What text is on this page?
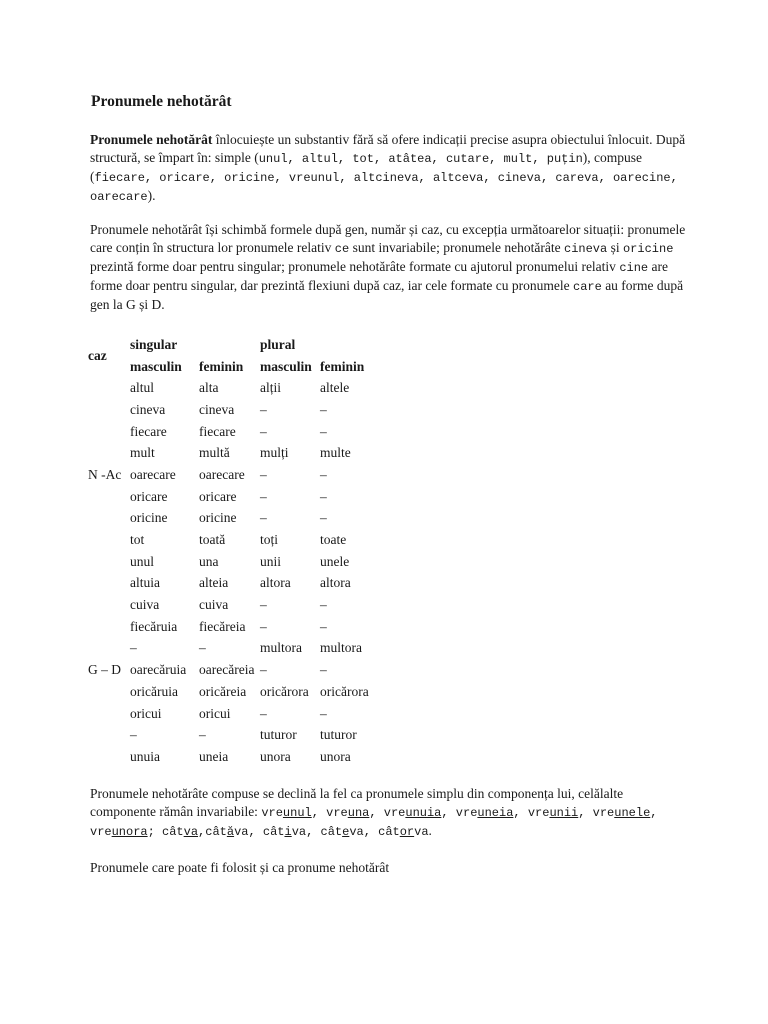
Pronumele nehotărât

Pronumele nehotărât înlocuiește un substantiv fără să ofere indicații precise asupra obiectului înlocuit. După structură, se împart în: simple (unul, altul, tot, atâtea, cutare, mult, puțin), compuse (fiecare, oricare, oricine, vreunul, altcineva, altceva, cineva, careva, oarecine, oarecare).

Pronumele nehotărât își schimbă formele după gen, număr și caz, cu excepția următoarelor situații: pronumele care conțin în structura lor pronumele relativ ce sunt invariabile; pronumele nehotărâte cineva și oricine prezintă forme doar pentru singular; pronumele nehotărâte formate cu ajutorul pronumelui relativ cine are forme doar pentru singular, dar prezintă flexiuni după caz, iar cele formate cu pronumele care au forme după gen la G și D.

caz	singular		plural	
	masculin	feminin	masculin	feminin
	altul	alta	alții	altele
	cineva	cineva	–	–
	fiecare	fiecare	–	–
	mult	multă	mulți	multe
N -Ac	oarecare	oarecare	–	–
	oricare	oricare	–	–
	oricine	oricine	–	–
	tot	toată	toți	toate
	unul	una	unii	unele
	altuia	alteia	altora	altora
	cuiva	cuiva	–	–
	fiecăruia	fiecăreia	–	–
	–	–	multora	multora
G – D	oarecăruia	oarecăreia	–	–
	oricăruia	oricăreia	oricărora	oricărora
	oricui	oricui	–	–
	–	–	tuturor	tuturor
	unuia	uneia	unora	unora

Pronumele nehotărâte compuse se declină la fel ca pronumele simplu din componența lui, celălalte componente rămân invariabile: vreunul, vreuna, vreunuia, vreuneia, vreunii, vreunele, vreunora; câtva,câtăva, câtiva, câteva, câtorva.

Pronumele care poate fi folosit și ca pronume nehotărât
